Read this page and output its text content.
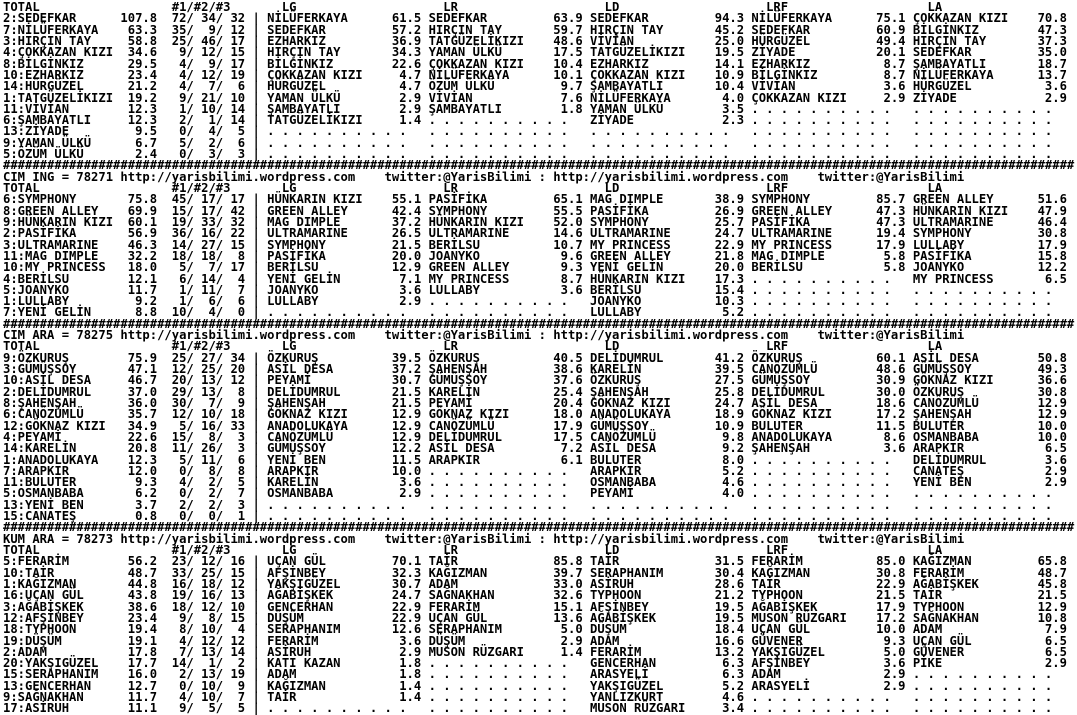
TOTAL                  #1/#2/#3       LG                    LR                    LD                    LRF                   LA
2:SEDEFKAR      107.8  72/ 34/ 32 | NİLÜFERKAYA      61.5 SEDEFKAR         63.9 SEDEFKAR         94.3 NİLÜFERKAYA      75.1 ÇOKKAZAN KIZI    70.8
7:NİLÜFERKAYA    63.3  35/  9/ 12 | SEDEFKAR         57.2 HIRÇIN TAY       59.7 HIRÇIN TAY       45.2 SEDEFKAR         60.9 BİLGİNKIZ        47.3
3:HIRÇIN TAY     58.8  25/ 46/ 17 | EZHARKIZ         36.9 TATGÜZELİKIZI    48.6 VİVİAN           25.0 HÜRGÜZEL         49.4 HIRÇIN TAY       37.3
4:ÇOKKAZAN KIZI  34.6   9/ 12/ 15 | HIRÇIN TAY       34.3 YAMAN ÜLKÜ       17.5 TATGÜZELİKIZI    19.5 ZİYADE           20.1 SEDEFKAR         35.0
8:BİLGİNKIZ      29.5   4/  9/ 17 | BİLGİNKIZ        22.6 ÇOKKAZAN KIZI    10.4 EZHARKIZ         14.1 EZHARKIZ          8.7 ŞAMBAYATLI       18.7
10:EZHARKIZ      23.4   4/ 12/ 19 | ÇOKKAZAN KIZI     4.7 NİLÜFERKAYA      10.1 ÇOKKAZAN KIZI    10.9 BİLGİNKIZ         8.7 NİLÜFERKAYA      13.7
14:HÜRGÜZEL      21.2   4/  7/  6 | HÜRGÜZEL          4.7 ÖZÜM ÜLKÜ         9.7 ŞAMBAYATLI       10.4 VİVİAN            3.6 HÜRGÜZEL          3.6
1:TATGÜZELİKIZI  19.2   9/ 21/ 10 | YAMAN ÜLKÜ        2.9 VİVİAN            7.6 NİLÜFERKAYA       4.0 ÇOKKAZAN KIZI     2.9 ZİYADE            2.9
11:VİVİAN        12.3   1/ 10/ 14 | ŞAMBAYATLI        2.9 ŞAMBAYATLI        1.8 YAMAN ÜLKÜ        3.5 . . . . . . . . . .   . . . . . . . . . .
6:ŞAMBAYATLI     12.3   2/  1/ 14 | TATGÜZELİKIZI     1.4 . . . . . . . . . .   ZİYADE            2.3 . . . . . . . . . .   . . . . . . . . . .
13:ZİYADE         9.5   0/  4/  5 | . . . . . . . . . .   . . . . . . . . . .   . . . . . . . . . .   . . . . . . . . . .   . . . . . . . . . .
9:YAMAN ÜLKÜ      6.7   5/  2/  6 | . . . . . . . . . .   . . . . . . . . . .   . . . . . . . . . .   . . . . . . . . . .   . . . . . . . . . .
5:ÖZÜM ÜLKÜ       2.4   0/  3/  3 | . . . . . . . . . .   . . . . . . . . . .   . . . . . . . . . .   . . . . . . . . . .   . . . . . . . . . .
##################################################################################################################################################
CIM ING = 78271 http://yarisbilimi.wordpress.com    twitter:@YarisBilimi : http://yarisbilimi.wordpress.com    twitter:@YarisBilimi
TOTAL                  #1/#2/#3       LG                    LR                    LD                    LRF                   LA
6:SYMPHONY       75.8  45/ 17/ 17 | HÜNKARIN KIZI    55.1 PASİFİKA         65.1 MAG DIMPLE       38.9 SYMPHONY         85.7 GREEN ALLEY      51.6
8:GREEN ALLEY    69.9  15/ 17/ 42 | GREEN ALLEY      42.4 SYMPHONY         55.5 PASİFİKA         26.9 GREEN ALLEY      47.3 HÜNKARIN KIZI    47.9
9:HÜNKARIN KIZI  60.1  19/ 33/ 32 | MAG DIMPLE       37.2 HÜNKARIN KIZI    52.0 SYMPHONY         25.7 PASİFİKA         47.3 ULTRAMARINE      46.4
2:PASİFİKA       56.9  36/ 16/ 22 | ULTRAMARINE      26.5 ULTRAMARINE      14.6 ULTRAMARINE      24.7 ULTRAMARINE      19.4 SYMPHONY         30.8
3:ULTRAMARINE    46.3  14/ 27/ 15 | SYMPHONY         21.5 BERİLSU          10.7 MY PRINCESS      22.9 MY PRINCESS      17.9 LULLABY          17.9
11:MAG DIMPLE    32.2  18/ 18/  8 | PASİFİKA         20.0 JOANYKO           9.6 GREEN ALLEY      21.8 MAG DIMPLE        5.8 PASİFİKA         15.8
10:MY PRINCESS   18.0   5/  7/ 17 | BERİLSU          12.9 GREEN ALLEY       9.3 YENİ GELİN       20.0 BERİLSU           5.8 JOANYKO          12.2
4:BERİLSU        12.1   6/ 14/  4 | YENİ GELİN        7.1 MY PRINCESS       8.7 HÜNKARIN KIZI    17.3 . . . . . . . . . .   MY PRINCESS       6.5
5:JOANYKO        11.7   1/ 11/  7 | JOANYKO           3.6 LULLABY           3.6 BERİLSU          15.4 . . . . . . . . . .   . . . . . . . . . .
1:LULLABY         9.2   1/  6/  6 | LULLABY           2.9 . . . . . . . . . .   JOANYKO          10.3 . . . . . . . . . .   . . . . . . . . . .
7:YENİ GELİN      8.8  10/  4/  0 | . . . . . . . . . .   . . . . . . . . . .   LULLABY           5.2 . . . . . . . . . .   . . . . . . . . . .
##################################################################################################################################################
CIM ARA = 78275 http://yarisbilimi.wordpress.com    twitter:@YarisBilimi : http://yarisbilimi.wordpress.com    twitter:@YarisBilimi
TOTAL                  #1/#2/#3       LG                    LR                    LD                    LRF                   LA
9:ÖZKURUŞ        75.9  25/ 27/ 34 | ÖZKURUŞ          39.5 ÖZKURUŞ          40.5 DELİDUMRUL       41.2 ÖZKURUŞ          60.1 ASİL DESA        50.8
3:GÜMÜŞSOY       47.1  12/ 25/ 20 | ASİL DESA        37.2 ŞAHENŞAH         38.6 KARELİN          39.5 CANÖZÜMLÜ        48.6 GÜMÜŞSOY         49.3
10:ASİL DESA     46.7  20/ 13/ 12 | PEYAMİ           30.7 GÜMÜŞSOY         37.6 ÖZKURUŞ          27.5 GÜMÜŞSOY         30.9 GÖKNAZ KIZI      36.6
2:DELİDUMRUL     37.0  29/ 13/  8 | DELİDUMRUL       21.5 KARELİN          25.4 ŞAHENŞAH         25.8 DELİDUMRUL       30.0 ÖZKURUŞ          30.8
8:ŞAHENŞAH       36.0  30/  7/  9 | ŞAHENŞAH         21.5 PEYAMİ           20.4 GÖKNAZ KIZI      24.7 ASİL DESA        18.6 CANÖZÜMLÜ        12.9
6:CANÖZÜMLÜ      35.7  12/ 10/ 18 | GÖKNAZ KIZI      12.9 GÖKNAZ KIZI      18.0 ANADOLUKAYA      18.9 GÖKNAZ KIZI      17.2 ŞAHENŞAH         12.9
12:GÖKNAZ KIZI   34.9   5/ 16/ 33 | ANADOLUKAYA      12.9 CANÖZÜMLÜ        17.9 GÜMÜŞSOY         10.9 BULUTER          11.5 BULUTER          10.0
4:PEYAMİ         22.6  15/  8/  3 | CANÖZÜMLÜ        12.9 DELİDUMRUL       17.5 CANÖZÜMLÜ         9.8 ANADOLUKAYA       8.6 OSMANBABA        10.0
14:KARELİN       20.8  11/ 26/  3 | GÜMÜŞSOY         12.2 ASİL DESA         7.2 ASİL DESA         9.2 ŞAHENŞAH          3.6 ARAPKIR           6.5
1:ANADOLUKAYA    12.3   5/ 11/  6 | YENİ BEN         11.5 ARAPKIR           6.1 BULUTER           8.0 . . . . . . . . . .   DELİDUMRUL        3.6
7:ARAPKIR        12.0   0/  8/  8 | ARAPKIR          10.0 . . . . . . . . . .   ARAPKIR           5.2 . . . . . . . . . .   CANATEŞ           2.9
11:BULUTER        9.3   4/  2/  5 | KARELİN           3.6 . . . . . . . . . .   OSMANBABA         4.6 . . . . . . . . . .   YENİ BEN          2.9
5:OSMANBABA       6.2   0/  2/  7 | OSMANBABA         2.9 . . . . . . . . . .   PEYAMİ            4.0 . . . . . . . . . .   . . . . . . . . . .
13:YENİ BEN       3.7   2/  2/  3 | . . . . . . . . . .   . . . . . . . . . .   . . . . . . . . . .   . . . . . . . . . .   . . . . . . . . . .
15:CANATEŞ        0.8   0/  0/  1 | . . . . . . . . . .   . . . . . . . . . .   . . . . . . . . . .   . . . . . . . . . .   . . . . . . . . . .
##################################################################################################################################################
KUM ARA = 78273 http://yarisbilimi.wordpress.com    twitter:@YarisBilimi : http://yarisbilimi.wordpress.com    twitter:@YarisBilimi
TOTAL                  #1/#2/#3       LG                    LR                    LD                    LRF                   LA
5:FERARİM        56.2  23/ 12/ 16 | UÇAN GÜL         70.1 TAİR             85.8 TAİR             31.5 FERARİM          85.0 KAĞIZMAN         65.8
10:TAİR          48.7  33/ 25/ 15 | AFŞİNBEY         32.3 KAĞIZMAN         39.7 SERAPHANIM       30.4 KAĞIZMAN         30.8 FERARİM          48.7
1:KAĞIZMAN       44.8  16/ 18/ 12 | YAKŞIGÜZEL       30.7 ADAM             33.0 ASİRUH           28.6 TAİR             22.9 AĞABİŞKEK        45.8
16:UÇAN GÜL      43.8  19/ 16/ 13 | AĞABİŞKEK        24.7 SAĞNAKHAN        32.6 TYPHOON          21.2 TYPHOON          21.5 TAİR             21.5
3:AĞABİŞKEK      38.6  18/ 12/ 10 | GENCERHAN        22.9 FERARİM          15.1 AFŞİNBEY         19.5 AĞABİŞKEK        17.9 TYPHOON          12.9
12:AFŞİNBEY      23.4   9/  8/ 15 | DÜŞÜM            22.9 UÇAN GÜL         13.6 AĞABİŞKEK        19.5 MUSON RÜZGARI    17.2 SAĞNAKHAN        10.8
18:TYPHOON       19.4   8/ 10/  4 | SERAPHANIM       12.6 SERAPHANIM        5.0 DÜŞÜM            18.4 UÇAN GÜL         10.0 ADAM              7.9
19:DÜŞÜM         19.1   4/ 12/ 12 | FERARİM           3.6 DÜŞÜM             2.9 ADAM             16.6 GÜVENER           9.3 UÇAN GÜL          6.5
2:ADAM           17.8   7/ 13/ 14 | ASİRUH            2.9 MUSON RÜZGARI     1.4 FERARİM          13.2 YAKŞIGÜZEL        5.0 GÜVENER           6.5
20:YAKŞIGÜZEL    17.7  14/  1/  2 | KATI KAZAN        1.8 . . . . . . . . . .   GENCERHAN         6.3 AFŞİNBEY          3.6 PİKE              2.9
15:SERAPHANIM    16.0   2/ 13/ 19 | ADAM              1.8 . . . . . . . . . .   ARASYELİ          6.3 ADAM              2.9 . . . . . . . . . .
13:GENCERHAN     12.7   0/ 10/  9 | KAĞIZMAN          1.4 . . . . . . . . . .   YAKŞIGÜZEL        5.2 ARASYELİ          2.9 . . . . . . . . . .
9:SAĞNAKHAN      11.7   4/ 10/  7 | TAİR              1.4 . . . . . . . . . .   YANLIZKURT        4.6 . . . . . . . . . .   . . . . . . . . . .
17:ASİRUH        11.1   9/  5/  5 | . . . . . . . . . .   . . . . . . . . . .   MUSON RÜZGARI     3.4 . . . . . . . . . .   . . . . . . . . . .
